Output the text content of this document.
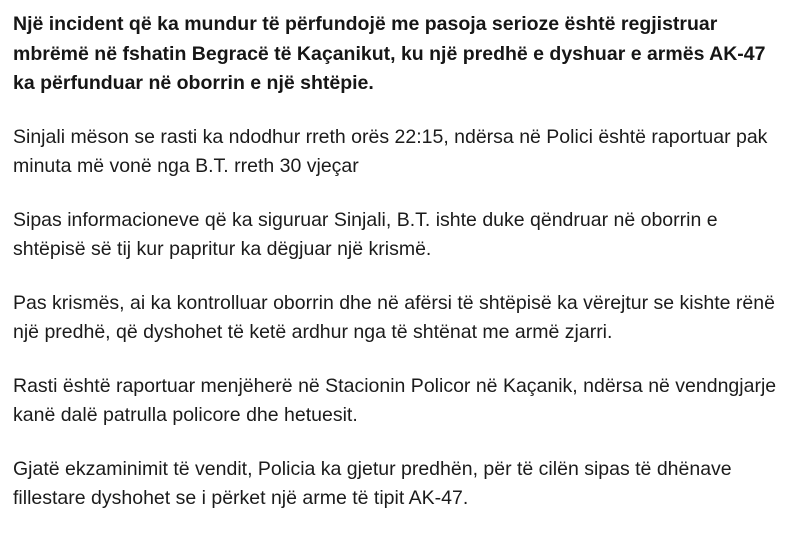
Një incident që ka mundur të përfundojë me pasoja serioze është regjistruar mbrëmë në fshatin Begracë të Kaçanikut, ku një predhë e dyshuar e armës AK-47 ka përfunduar në oborrin e një shtëpie.

Sinjali mëson se rasti ka ndodhur rreth orës 22:15, ndërsa në Polici është raportuar pak minuta më vonë nga B.T. rreth 30 vjeçar

Sipas informacioneve që ka siguruar Sinjali, B.T. ishte duke qëndruar në oborrin e shtëpisë së tij kur papritur ka dëgjuar një krismë.

Pas krismës, ai ka kontrolluar oborrin dhe në afërsi të shtëpisë ka vërejtur se kishte rënë një predhë, që dyshohet të ketë ardhur nga të shtënat me armë zjarri.

Rasti është raportuar menjëherë në Stacionin Policor në Kaçanik, ndërsa në vendngjarje kanë dalë patrulla policore dhe hetuesit.

Gjatë ekzaminimit të vendit, Policia ka gjetur predhën, për të cilën sipas të dhënave fillestare dyshohet se i përket një arme të tipit AK-47.
